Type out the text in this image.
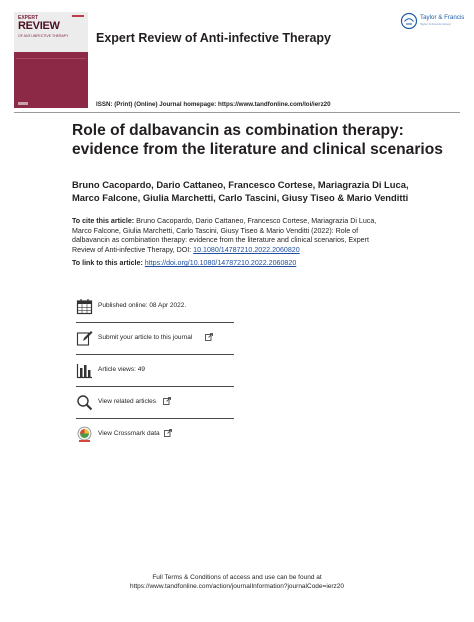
EXPERT
REVIEW
OF ANTI-INFECTIVE THERAPY Expert Review of Anti-infective Therapy
ISSN: (Print) (Online) Journal homepage: https://www.tandfonline.com/loi/ierz20
Taylor & Francis
Taylor & Francis Group
Role of dalbavancin as combination therapy:
evidence from the literature and clinical scenarios
Bruno Cacopardo, Dario Cattaneo, Francesco Cortese, Mariagrazia Di Luca,
Marco Falcone, Giulia Marchetti, Carlo Tascini, Giusy Tiseo & Mario Venditti
To cite this article: Bruno Cacopardo, Dario Cattaneo, Francesco Cortese, Mariagrazia Di Luca,
Marco Falcone, Giulia Marchetti, Carlo Tascini, Giusy Tiseo & Mario Venditti (2022): Role of
dalbavancin as combination therapy: evidence from the literature and clinical scenarios, Expert
Review of Anti-infective Therapy, DOI: 10.1080/14787210.2022.2060820
To link to this article: https://doi.org/10.1080/14787210.2022.2060820
Published online: 08 Apr 2022.
Submit your article to this journal
Article views: 49
View related articles
View Crossmark data
Full Terms & Conditions of access and use can be found at
https://www.tandfonline.com/action/journalInformation?journalCode=ierz20
